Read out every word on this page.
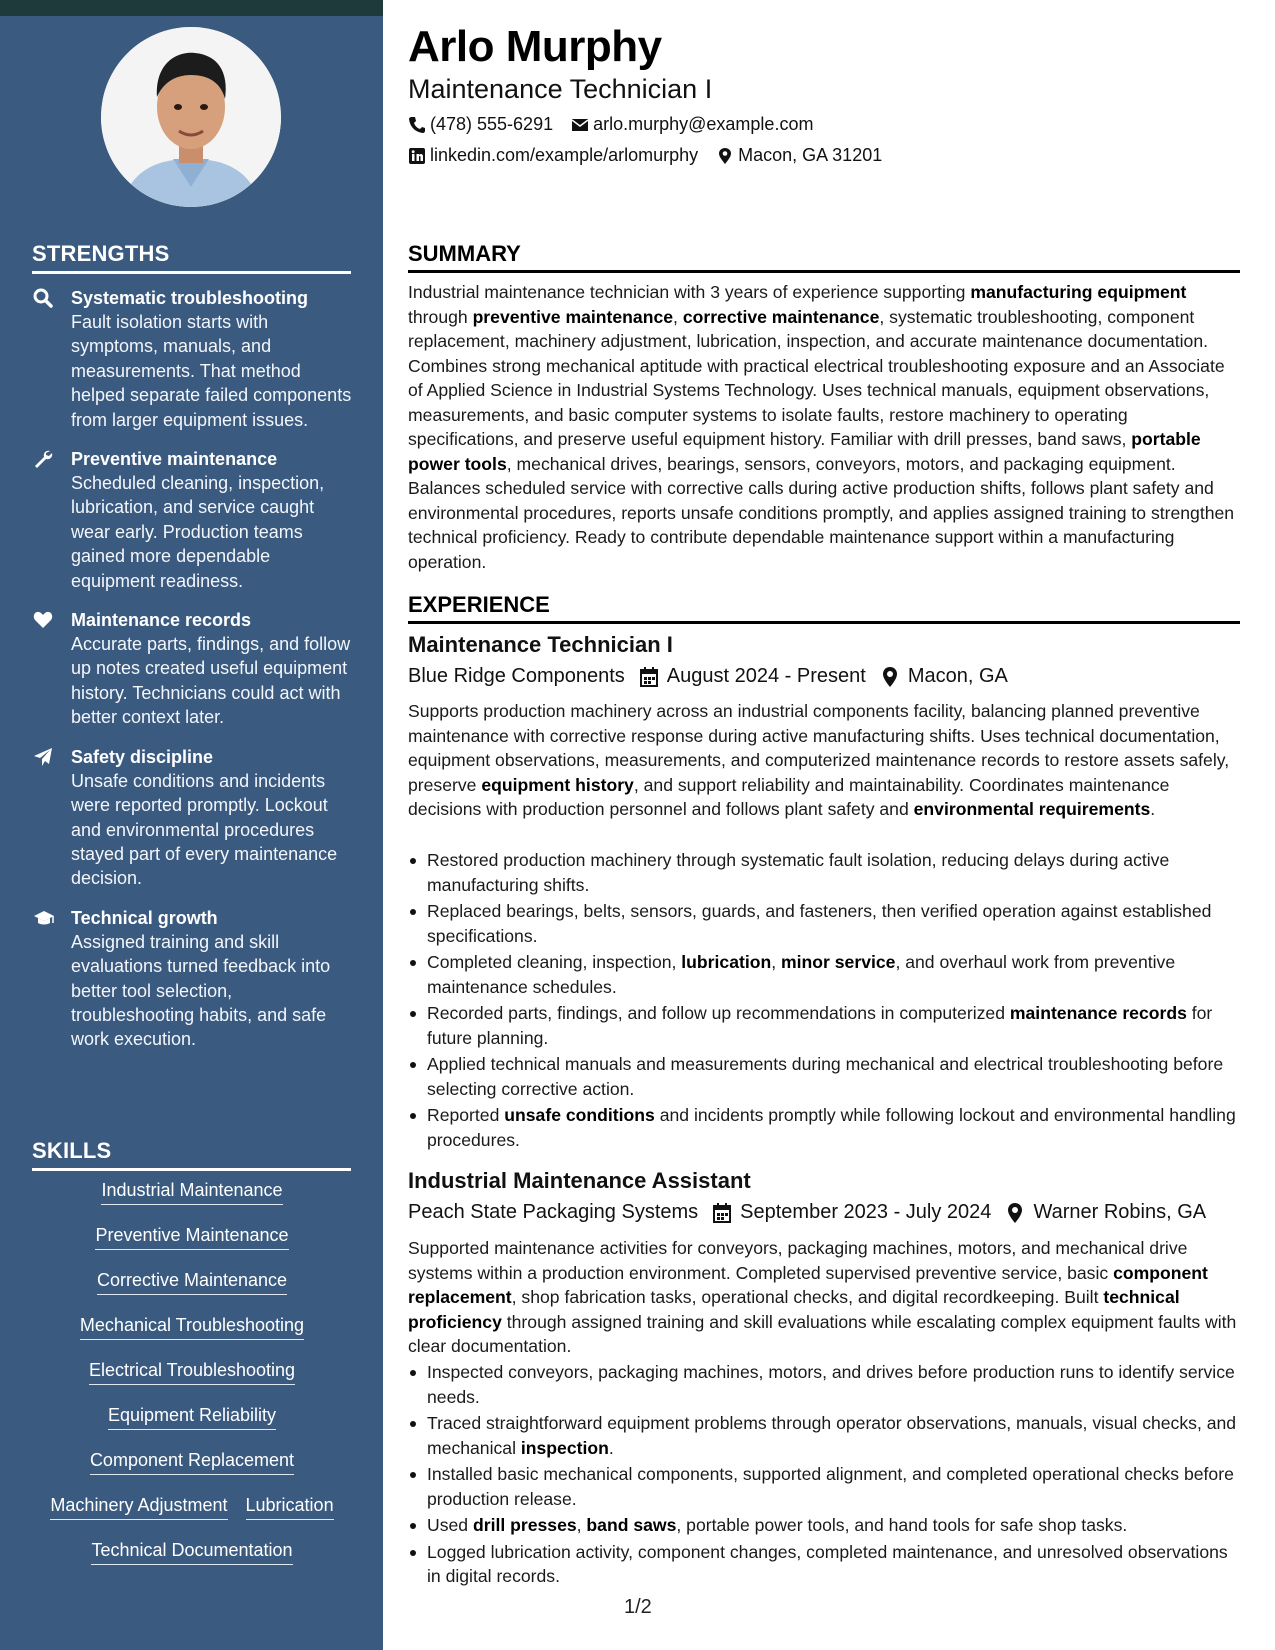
STRENGTHS
Systematic troubleshooting
Fault isolation starts with symptoms, manuals, and measurements. That method helped separate failed components from larger equipment issues.
Preventive maintenance
Scheduled cleaning, inspection, lubrication, and service caught wear early. Production teams gained more dependable equipment readiness.
Maintenance records
Accurate parts, findings, and follow up notes created useful equipment history. Technicians could act with better context later.
Safety discipline
Unsafe conditions and incidents were reported promptly. Lockout and environmental procedures stayed part of every maintenance decision.
Technical growth
Assigned training and skill evaluations turned feedback into better tool selection, troubleshooting habits, and safe work execution.
SKILLS
Industrial Maintenance
Preventive Maintenance
Corrective Maintenance
Mechanical Troubleshooting
Electrical Troubleshooting
Equipment Reliability
Component Replacement
Machinery Adjustment Lubrication
Technical Documentation
Arlo Murphy
Maintenance Technician I
(478) 555-6291 arlo.murphy@example.com
linkedin.com/example/arlomurphy Macon, GA 31201
SUMMARY
Industrial maintenance technician with 3 years of experience supporting manufacturing equipment through preventive maintenance, corrective maintenance, systematic troubleshooting, component replacement, machinery adjustment, lubrication, inspection, and accurate maintenance documentation. Combines strong mechanical aptitude with practical electrical troubleshooting exposure and an Associate of Applied Science in Industrial Systems Technology. Uses technical manuals, equipment observations, measurements, and basic computer systems to isolate faults, restore machinery to operating specifications, and preserve useful equipment history. Familiar with drill presses, band saws, portable power tools, mechanical drives, bearings, sensors, conveyors, motors, and packaging equipment. Balances scheduled service with corrective calls during active production shifts, follows plant safety and environmental procedures, reports unsafe conditions promptly, and applies assigned training to strengthen technical proficiency. Ready to contribute dependable maintenance support within a manufacturing operation.
EXPERIENCE
Maintenance Technician I
Blue Ridge Components August 2024 - Present Macon, GA
Supports production machinery across an industrial components facility, balancing planned preventive maintenance with corrective response during active manufacturing shifts. Uses technical documentation, equipment observations, measurements, and computerized maintenance records to restore assets safely, preserve equipment history, and support reliability and maintainability. Coordinates maintenance decisions with production personnel and follows plant safety and environmental requirements.
Restored production machinery through systematic fault isolation, reducing delays during active manufacturing shifts.
Replaced bearings, belts, sensors, guards, and fasteners, then verified operation against established specifications.
Completed cleaning, inspection, lubrication, minor service, and overhaul work from preventive maintenance schedules.
Recorded parts, findings, and follow up recommendations in computerized maintenance records for future planning.
Applied technical manuals and measurements during mechanical and electrical troubleshooting before selecting corrective action.
Reported unsafe conditions and incidents promptly while following lockout and environmental handling procedures.
Industrial Maintenance Assistant
Peach State Packaging Systems September 2023 - July 2024 Warner Robins, GA
Supported maintenance activities for conveyors, packaging machines, motors, and mechanical drive systems within a production environment. Completed supervised preventive service, basic component replacement, shop fabrication tasks, operational checks, and digital recordkeeping. Built technical proficiency through assigned training and skill evaluations while escalating complex equipment faults with clear documentation.
Inspected conveyors, packaging machines, motors, and drives before production runs to identify service needs.
Traced straightforward equipment problems through operator observations, manuals, visual checks, and mechanical inspection.
Installed basic mechanical components, supported alignment, and completed operational checks before production release.
Used drill presses, band saws, portable power tools, and hand tools for safe shop tasks.
Logged lubrication activity, component changes, completed maintenance, and unresolved observations in digital records.
1/2
